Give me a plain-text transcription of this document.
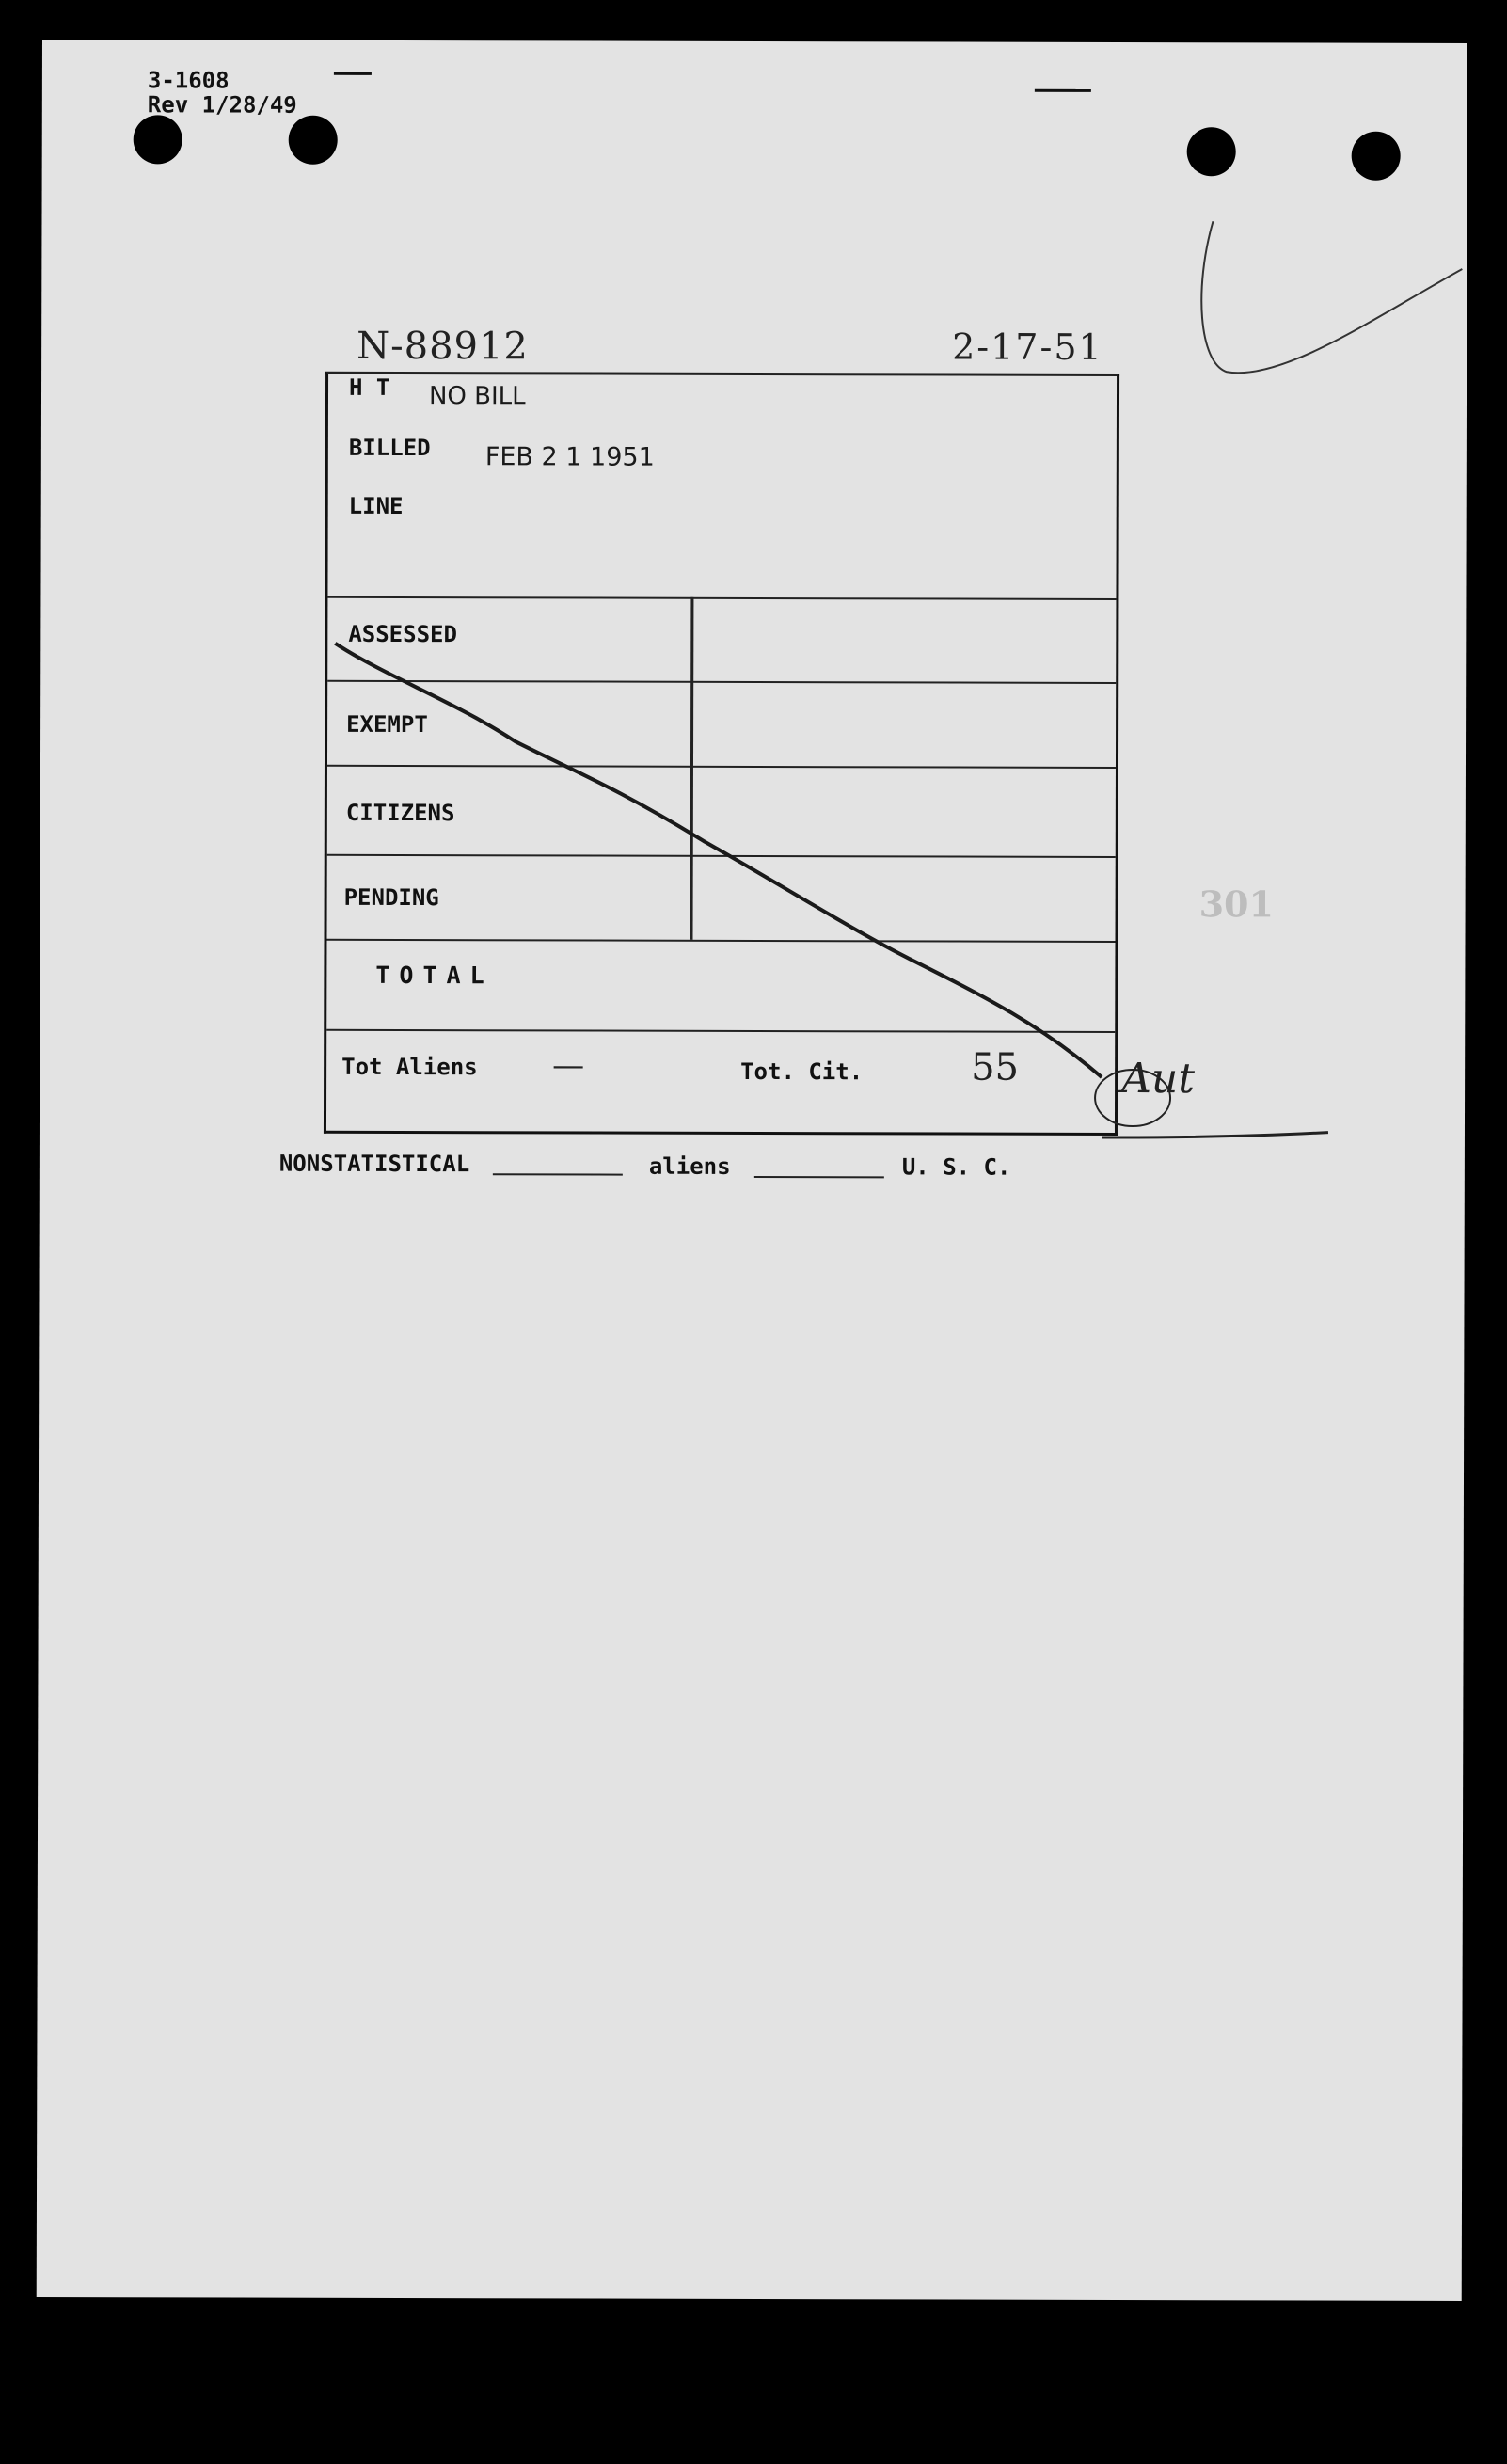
3-1608
Rev 1/28/49
N-88912	2-17-51
H T NO BILL
BILLED FEB 2 1 1951
LINE
ASSESSED
EXEMPT
CITIZENS
PENDING
TOTAL
Tot Aliens —	Tot. Cit.	55 Aut
301
NONSTATISTICAL	aliens	U. S. C.
